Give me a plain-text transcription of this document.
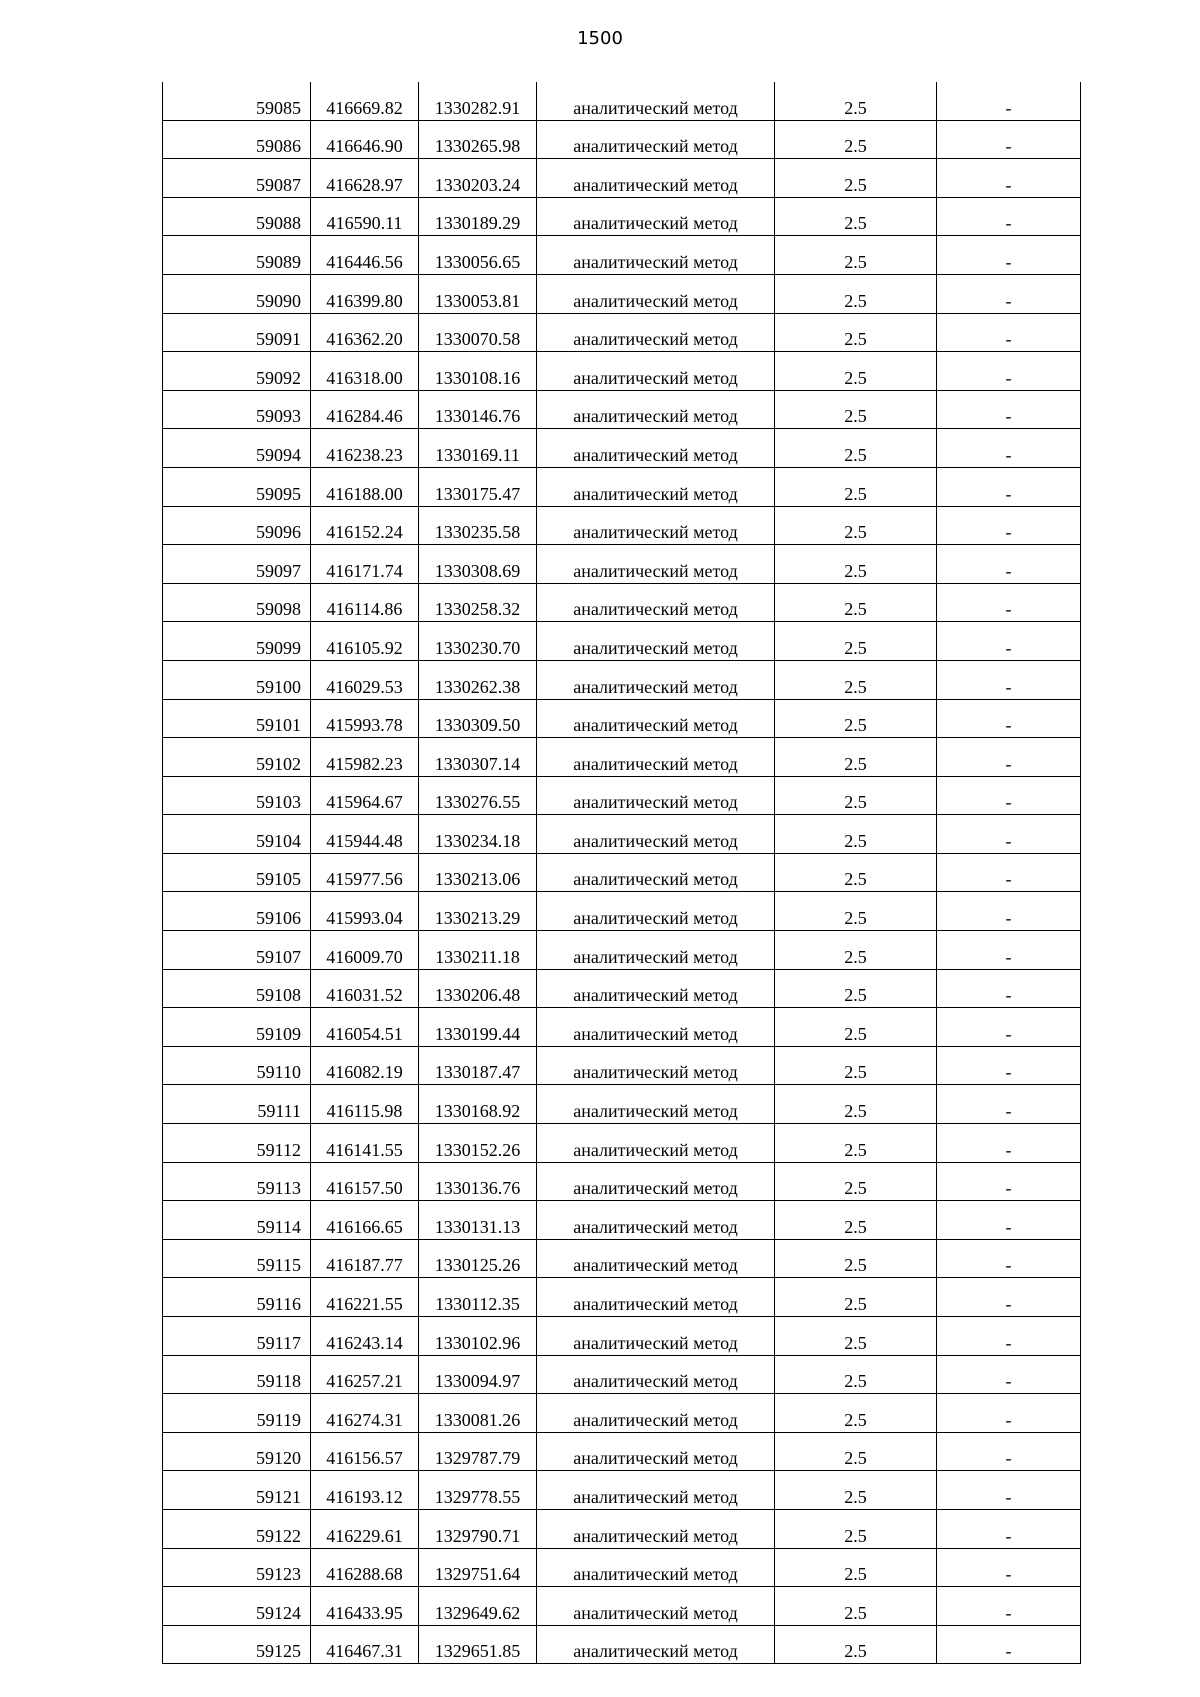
1500
59085	416669.82	1330282.91	аналитический метод	2.5	-
59086	416646.90	1330265.98	аналитический метод	2.5	-
59087	416628.97	1330203.24	аналитический метод	2.5	-
59088	416590.11	1330189.29	аналитический метод	2.5	-
59089	416446.56	1330056.65	аналитический метод	2.5	-
59090	416399.80	1330053.81	аналитический метод	2.5	-
59091	416362.20	1330070.58	аналитический метод	2.5	-
59092	416318.00	1330108.16	аналитический метод	2.5	-
59093	416284.46	1330146.76	аналитический метод	2.5	-
59094	416238.23	1330169.11	аналитический метод	2.5	-
59095	416188.00	1330175.47	аналитический метод	2.5	-
59096	416152.24	1330235.58	аналитический метод	2.5	-
59097	416171.74	1330308.69	аналитический метод	2.5	-
59098	416114.86	1330258.32	аналитический метод	2.5	-
59099	416105.92	1330230.70	аналитический метод	2.5	-
59100	416029.53	1330262.38	аналитический метод	2.5	-
59101	415993.78	1330309.50	аналитический метод	2.5	-
59102	415982.23	1330307.14	аналитический метод	2.5	-
59103	415964.67	1330276.55	аналитический метод	2.5	-
59104	415944.48	1330234.18	аналитический метод	2.5	-
59105	415977.56	1330213.06	аналитический метод	2.5	-
59106	415993.04	1330213.29	аналитический метод	2.5	-
59107	416009.70	1330211.18	аналитический метод	2.5	-
59108	416031.52	1330206.48	аналитический метод	2.5	-
59109	416054.51	1330199.44	аналитический метод	2.5	-
59110	416082.19	1330187.47	аналитический метод	2.5	-
59111	416115.98	1330168.92	аналитический метод	2.5	-
59112	416141.55	1330152.26	аналитический метод	2.5	-
59113	416157.50	1330136.76	аналитический метод	2.5	-
59114	416166.65	1330131.13	аналитический метод	2.5	-
59115	416187.77	1330125.26	аналитический метод	2.5	-
59116	416221.55	1330112.35	аналитический метод	2.5	-
59117	416243.14	1330102.96	аналитический метод	2.5	-
59118	416257.21	1330094.97	аналитический метод	2.5	-
59119	416274.31	1330081.26	аналитический метод	2.5	-
59120	416156.57	1329787.79	аналитический метод	2.5	-
59121	416193.12	1329778.55	аналитический метод	2.5	-
59122	416229.61	1329790.71	аналитический метод	2.5	-
59123	416288.68	1329751.64	аналитический метод	2.5	-
59124	416433.95	1329649.62	аналитический метод	2.5	-
59125	416467.31	1329651.85	аналитический метод	2.5	-
